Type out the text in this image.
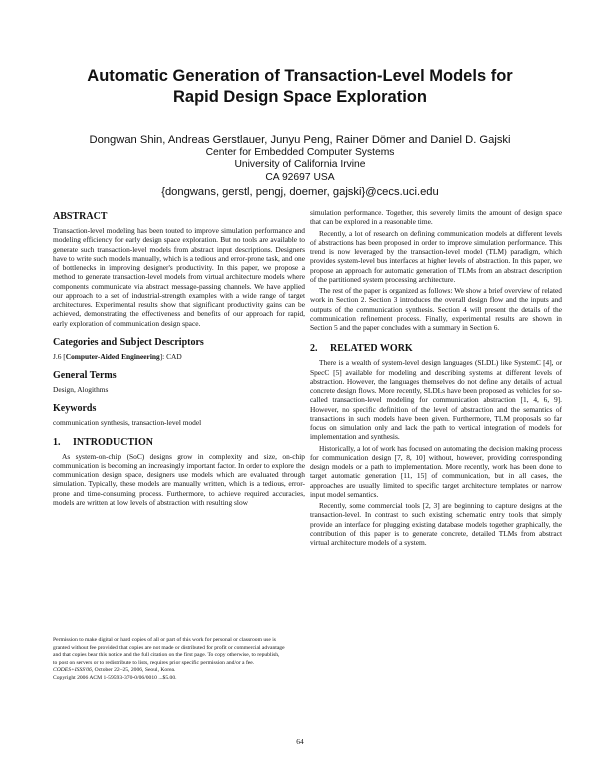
Automatic Generation of Transaction-Level Models for
Rapid Design Space Exploration
Dongwan Shin, Andreas Gerstlauer, Junyu Peng, Rainer Dömer and Daniel D. Gajski
Center for Embedded Computer Systems
University of California Irvine
CA 92697 USA
{dongwans, gerstl, pengj, doemer, gajski}@cecs.uci.edu
ABSTRACT

Transaction-level modeling has been touted to improve simulation performance and modeling efficiency for early design space exploration. But no tools are available to generate such transaction-level models from abstract input descriptions. Designers have to write such models manually, which is a tedious and error-prone task, and one of bottlenecks in improving designer's productivity. In this paper, we propose a method to generate transaction-level models from virtual architecture models where components communicate via abstract message-passing channels. We have applied our approach to a set of industrial-strength examples with a wide range of target architectures. Experimental results show that significant productivity gains can be achieved, demonstrating the effectiveness and benefits of our approach for rapid, early exploration of communication design space.

Categories and Subject Descriptors

J.6 [Computer-Aided Engineering]: CAD

General Terms

Design, Alogithms

Keywords

communication synthesis, transaction-level model

1. INTRODUCTION

As system-on-chip (SoC) designs grow in complexity and size, on-chip communication is becoming an increasingly important factor. In order to explore the communication design space, designers use models which are evaluated through simulation. Typically, these models are manually written, which is a tedious, error-prone and time-consuming process. Furthermore, to achieve required accuracies, models are written at low levels of abstraction with resulting slow

Permission to make digital or hard copies of all or part of this work for personal or classroom use is granted without fee provided that copies are not made or distributed for profit or commercial advantage and that copies bear this notice and the full citation on the first page. To copy otherwise, to republish, to post on servers or to redistribute to lists, requires prior specific permission and/or a fee.
CODES+ISSS'06, October 22–25, 2006, Seoul, Korea.
Copyright 2006 ACM 1-59593-370-0/06/0010 ...$5.00.

simulation performance. Together, this severely limits the amount of design space that can be explored in a reasonable time.

Recently, a lot of research on defining communication models at different levels of abstractions has been proposed in order to improve simulation performance. This trend is now leveraged by the transaction-level model (TLM) paradigm, which provides system-level bus interfaces at higher levels of abstraction. In this paper, we propose an approach for automatic generation of TLMs from an abstract description of the partitioned system processing architecture.

The rest of the paper is organized as follows: We show a brief overview of related work in Section 2. Section 3 introduces the overall design flow and the inputs and outputs of the communication synthesis. Section 4 will present the details of the communication refinement process. Finally, experimental results are shown in Section 5 and the paper concludes with a summary in Section 6.

2. RELATED WORK

There is a wealth of system-level design languages (SLDL) like SystemC [4], or SpecC [5] available for modeling and describing systems at different levels of abstraction. However, the languages themselves do not define any details of actual concrete design flows. More recently, SLDLs have been proposed as vehicles for so-called transaction-level modeling for communication abstraction [1, 4, 6, 9]. However, no specific definition of the level of abstraction and the semantics of transactions in such models have been given. Furthermore, TLM proposals so far focus on simulation only and lack the path to vertical integration of models for implementation and synthesis.

Historically, a lot of work has focused on automating the decision making process for communication design [7, 8, 10] without, however, providing corresponding design models or a path to implementation. More recently, work has been done to target automatic generation [11, 15] of communication, but in all cases, the approaches are usually limited to specific target architecture templates or narrow input model semantics.

Recently, some commercial tools [2, 3] are beginning to capture designs at the transaction-level. In contrast to such existing schematic entry tools that simply provide an interface for plugging existing database models together graphically, the contribution of this paper is to generate concrete, detailed TLMs from abstract virtual architecture models of a system.

64
